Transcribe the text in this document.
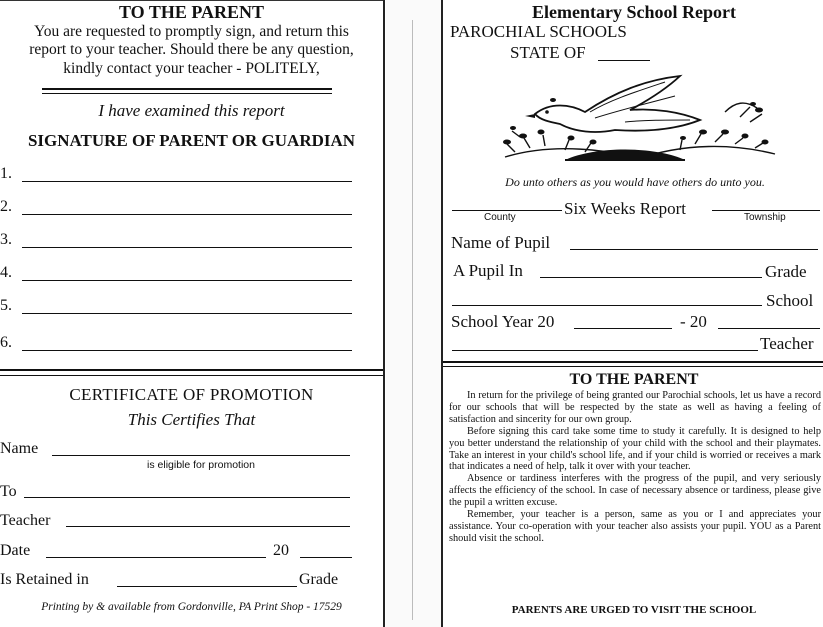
TO THE PARENT
You are requested to promptly sign, and return this
report to your teacher. Should there be any question,
kindly contact your teacher - POLITELY,
I have examined this report
SIGNATURE OF PARENT OR GUARDIAN
1.
2.
3.
4.
5.
6.
CERTIFICATE OF PROMOTION
This Certifies That
Name
is eligible for promotion
To
Teacher
Date	20
Is Retained in	Grade
Printing by & available from Gordonville, PA Print Shop - 17529
Elementary School Report
PAROCHIAL SCHOOLS
STATE OF
Do unto others as you would have others do unto you.
County	Six Weeks Report	Township
Name of Pupil
A Pupil In	Grade
School
School Year 20	- 20
Teacher
TO THE PARENT

In return for the privilege of being granted our Parochial schools, let us have a record for our schools that will be respected by the state as well as having a feeling of satisfaction and sincerity for our own group.

Before signing this card take some time to study it carefully. It is designed to help you better understand the relationship of your child with the school and their playmates. Take an interest in your child's school life, and if your child is worried or receives a mark that indicates a need of help, talk it over with your teacher.

Absence or tardiness interferes with the progress of the pupil, and very seriously affects the efficiency of the school. In case of necessary absence or tardiness, please give the pupil a written excuse.

Remember, your teacher is a person, same as you or I and appreciates your assistance. Your co-operation with your teacher also assists your pupil. YOU as a Parent should visit the school.

PARENTS ARE URGED TO VISIT THE SCHOOL
